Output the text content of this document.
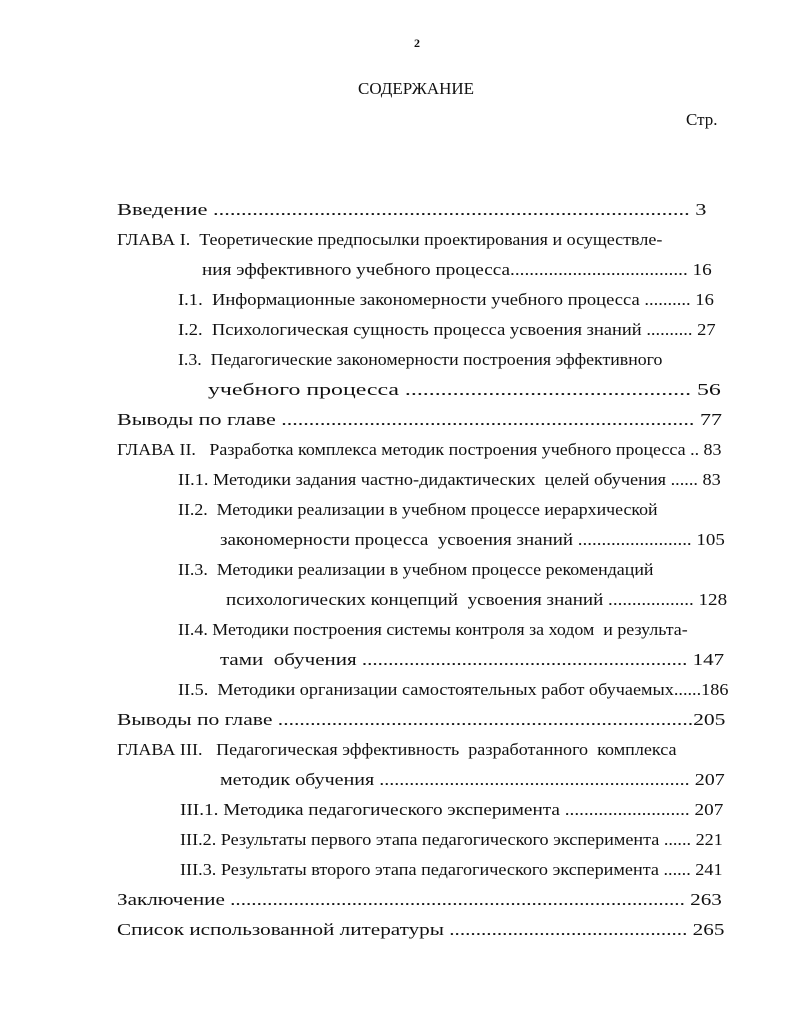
2
СОДЕРЖАНИЕ
Стр.
Введение ..................................................................................... 3
ГЛАВА I.  Теоретические предпосылки проектирования и осуществле-
ния эффективного учебного процесса..................................... 16
I.1.  Информационные закономерности учебного процесса .......... 16
I.2.  Психологическая сущность процесса усвоения знаний .......... 27
I.3.  Педагогические закономерности построения эффективного
учебного процесса ................................................ 56
Выводы по главе ........................................................................... 77
ГЛАВА II.   Разработка комплекса методик построения учебного процесса .. 83
II.1. Методики задания частно-дидактических  целей обучения ...... 83
II.2.  Методики реализации в учебном процессе иерархической
закономерности процесса  усвоения знаний ........................ 105
II.3.  Методики реализации в учебном процессе рекомендаций
психологических концепций  усвоения знаний .................. 128
II.4. Методики построения системы контроля за ходом  и результа-
тами  обучения .............................................................. 147
II.5.  Методики организации самостоятельных работ обучаемых......186
Выводы по главе .............................................................................205
ГЛАВА III.   Педагогическая эффективность  разработанного  комплекса
методик обучения .............................................................. 207
III.1. Методика педагогического эксперимента .......................... 207
III.2. Результаты первого этапа педагогического эксперимента ...... 221
III.3. Результаты второго этапа педагогического эксперимента ...... 241
Заключение ...................................................................................... 263
Список использованной литературы ............................................. 265
